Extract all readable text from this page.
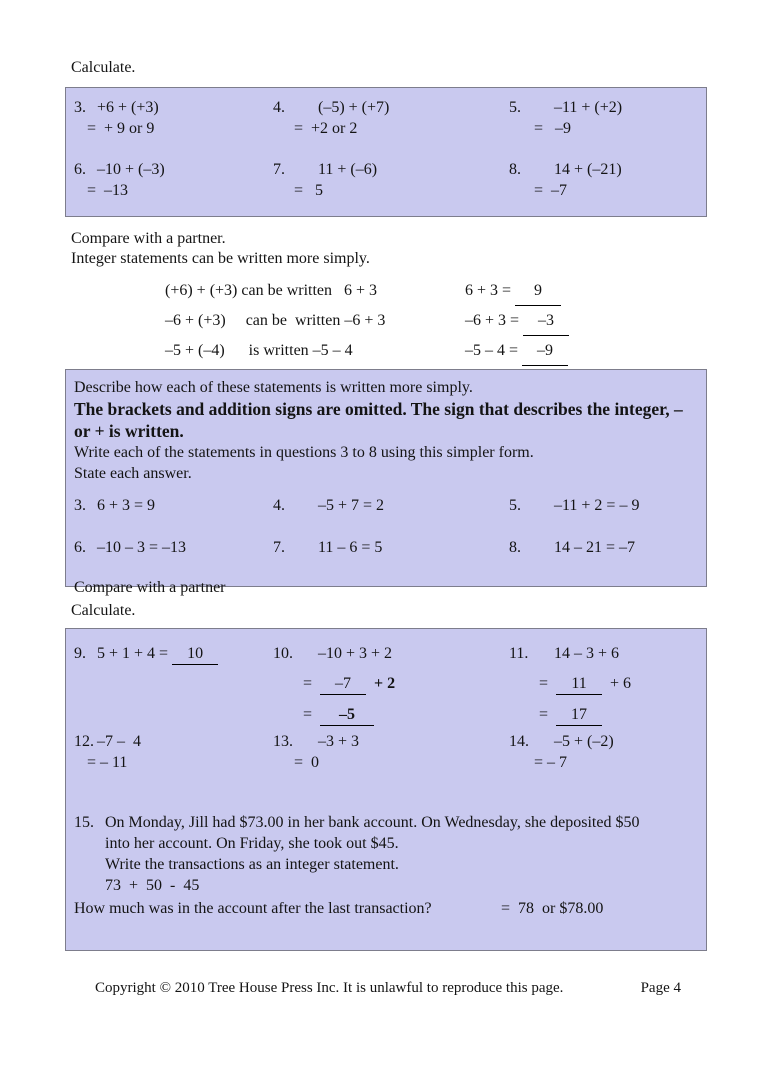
Calculate.
3. +6 + (+3)
=  + 9 or 9
4. (–5) + (+7)
=  +2 or 2
5. –11 + (+2)
=   –9
6. –10 + (–3)
=  –13
7. 11 + (–6)
=   5
8. 14 + (–21)
=  –7
Compare with a partner.
Integer statements can be written more simply.
(+6) + (+3) can be written   6 + 3	6 + 3 = 9
–6 + (+3)     can be  written –6 + 3	–6 + 3 = –3
–5 + (–4)      is written –5 – 4	–5 – 4 = –9
Describe how each of these statements is written more simply.
The brackets and addition signs are omitted. The sign that describes the integer, – or + is written.
Write each of the statements in questions 3 to 8 using this simpler form.
State each answer.
3. 6 + 3 = 9	4. –5 + 7 = 2	5. –11 + 2 = – 9
6. –10 – 3 = –13	7. 11 – 6 = 5	8. 14 – 21 = –7
Compare with a partner
Calculate.
9. 5 + 1 + 4 = 10	10. –10 + 3 + 2
= –7  + 2
= –5
11. 14 – 3 + 6
= 11  + 6
= 17
12. –7 –  4
= – 11
13. –3 + 3
=  0
14. –5 + (–2)
= – 7
15. On Monday, Jill had $73.00 in her bank account. On Wednesday, she deposited $50
into her account. On Friday, she took out $45.
Write the transactions as an integer statement.
73  +  50  -  45
How much was in the account after the last transaction?	=  78  or $78.00
Copyright © 2010 Tree House Press Inc. It is unlawful to reproduce this page.	Page 4
